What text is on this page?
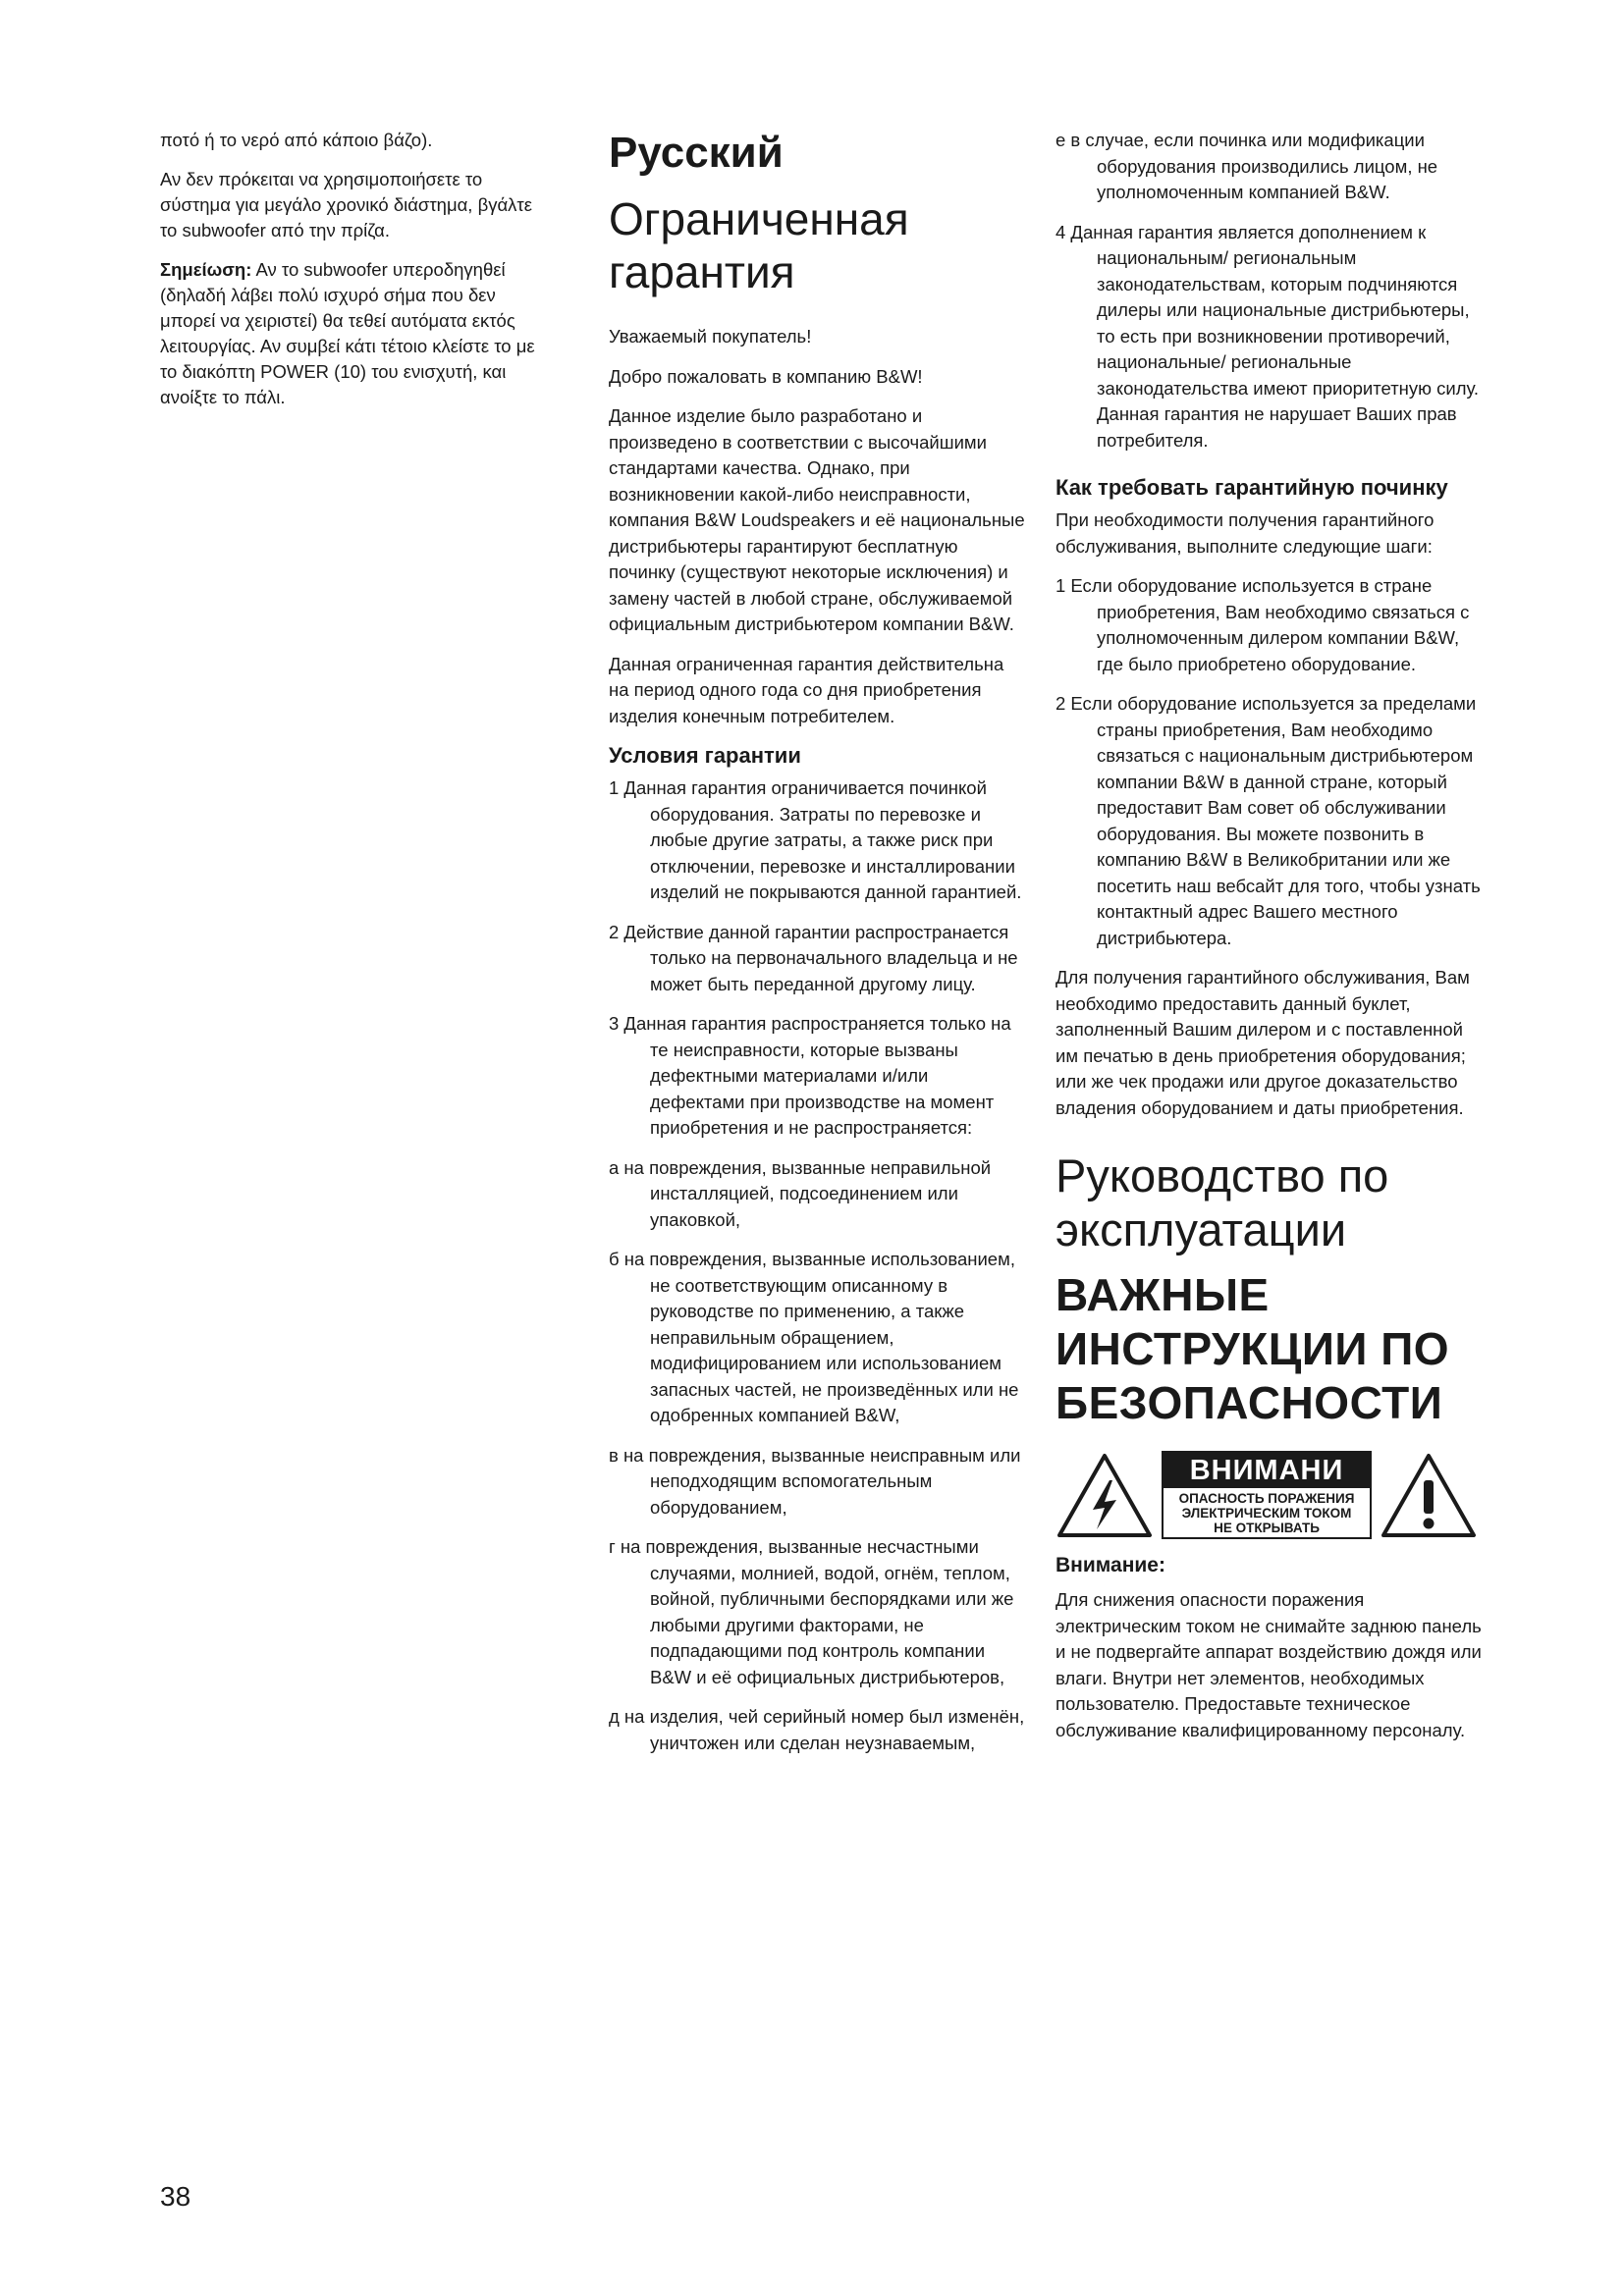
ποτό ή το νερό από κάποιο βάζο).

Αν δεν πρόκειται να χρησιμοποιήσετε το σύστημα για μεγάλο χρονικό διάστημα, βγάλτε το subwoofer από την πρίζα.

Σημείωση: Αν το subwoofer υπεροδηγηθεί (δηλαδή λάβει πολύ ισχυρό σήμα που δεν μπορεί να χειριστεί) θα τεθεί αυτόματα εκτός λειτουργίας. Αν συμβεί κάτι τέτοιο κλείστε το με το διακόπτη POWER (10) του ενισχυτή, και ανοίξτε το πάλι.

Русский
Ограниченная гарантия

Уважаемый покупатель!

Добро пожаловать в компанию B&W!

Данное изделие было разработано и произведено в соответствии с высочайшими стандартами качества. Однако, при возникновении какой-либо неисправности, компания B&W Loudspeakers и её национальные дистрибьютеры гарантируют бесплатную починку (существуют некоторые исключения) и замену частей в любой стране, обслуживаемой официальным дистрибьютером компании B&W.

Данная ограниченная гарантия действительна на период одного года со дня приобретения изделия конечным потребителем.

Условия гарантии
1 Данная гарантия ограничивается починкой оборудования. Затраты по перевозке и любые другие затраты, а также риск при отключении, перевозке и инсталлировании изделий не покрываются данной гарантией.
2 Действие данной гарантии распространается только на первоначального владельца и не может быть переданной другому лицу.
3 Данная гарантия распространяется только на те неисправности, которые вызваны дефектными материалами и/или дефектами при производстве на момент приобретения и не распространяется:
а на повреждения, вызванные неправильной инсталляцией, подсоединением или упаковкой,
б на повреждения, вызванные использованием, не соответствующим описанному в руководстве по применению, а также неправильным обращением, модифицированием или использованием запасных частей, не произведённых или не одобренных компанией B&W,
в на повреждения, вызванные неисправным или неподходящим вспомогательным оборудованием,
г на повреждения, вызванные несчастными случаями, молнией, водой, огнём, теплом, войной, публичными беспорядками или же любыми другими факторами, не подпадающими под контроль компании B&W и её официальных дистрибьютеров,
д на изделия, чей серийный номер был изменён, уничтожен или сделан неузнаваемым,
е в случае, если починка или модификации оборудования производились лицом, не уполномоченным компанией B&W.
4 Данная гарантия является дополнением к национальным/ региональным законодательствам, которым подчиняются дилеры или национальные дистрибьютеры, то есть при возникновении противоречий, национальные/ региональные законодательства имеют приоритетную силу. Данная гарантия не нарушает Ваших прав потребителя.
Как требовать гарантийную починку

При необходимости получения гарантийного обслуживания, выполните следующие шаги:

1 Если оборудование используется в стране приобретения, Вам необходимо связаться с уполномоченным дилером компании B&W, где было приобретено оборудование.
2 Если оборудование используется за пределами страны приобретения, Вам необходимо связаться с национальным дистрибьютером компании B&W в данной стране, который предоставит Вам совет об обслуживании оборудования. Вы можете позвонить в компанию B&W в Великобритании или же посетить наш вебсайт для того, чтобы узнать контактный адрес Вашего местного дистрибьютера.

Для получения гарантийного обслуживания, Вам необходимо предоставить данный буклет, заполненный Вашим дилером и с поставленной им печатью в день приобретения оборудования; или же чек продажи или другое доказательство владения оборудованием и даты приобретения.

Руководство по эксплуатации
ВАЖНЫЕ ИНСТРУКЦИИ ПО БЕЗОПАСНОСТИ
ВНИМАНИ
ОПАСНОСТЬ ПОРАЖЕНИЯ
ЭЛЕКТРИЧЕСКИМ ТОКОМ
НЕ ОТКРЫВАТЬ
Внимание:

Для снижения опасности поражения электрическим током не снимайте заднюю панель и не подвергайте аппарат воздействию дождя или влаги. Внутри нет элементов, необходимых пользователю. Предоставьте техническое обслуживание квалифицированному персоналу.

38
